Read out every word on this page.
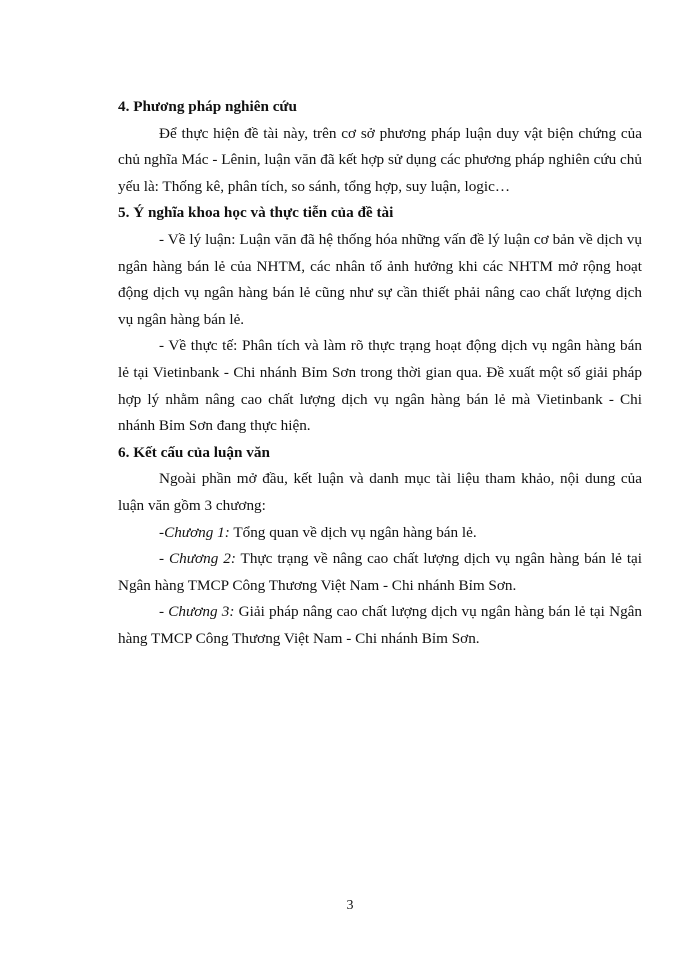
4. Phương pháp nghiên cứu

Để thực hiện đề tài này, trên cơ sở phương pháp luận duy vật biện chứng của chủ nghĩa Mác - Lênin, luận văn đã kết hợp sử dụng các phương pháp nghiên cứu chủ yếu là: Thống kê, phân tích, so sánh, tổng hợp, suy luận, logic…

5. Ý nghĩa khoa học và thực tiễn của đề tài

- Về lý luận: Luận văn đã hệ thống hóa những vấn đề lý luận cơ bản về dịch vụ ngân hàng bán lẻ của NHTM, các nhân tố ảnh hưởng khi các NHTM mở rộng hoạt động dịch vụ ngân hàng bán lẻ cũng như sự cần thiết phải nâng cao chất lượng dịch vụ ngân hàng bán lẻ.

- Về thực tế: Phân tích và làm rõ thực trạng hoạt động dịch vụ ngân hàng bán lẻ tại Vietinbank - Chi nhánh Bỉm Sơn trong thời gian qua. Đề xuất một số giải pháp hợp lý nhằm nâng cao chất lượng dịch vụ ngân hàng bán lẻ mà Vietinbank - Chi nhánh Bỉm Sơn đang thực hiện.

6. Kết cấu của luận văn

Ngoài phần mở đầu, kết luận và danh mục tài liệu tham khảo, nội dung của luận văn gồm 3 chương:

-Chương 1: Tổng quan về dịch vụ ngân hàng bán lẻ.

- Chương 2: Thực trạng về nâng cao chất lượng dịch vụ ngân hàng bán lẻ tại Ngân hàng TMCP Công Thương Việt Nam - Chi nhánh Bỉm Sơn.

- Chương 3: Giải pháp nâng cao chất lượng dịch vụ ngân hàng bán lẻ tại Ngân hàng TMCP Công Thương Việt Nam - Chi nhánh Bỉm Sơn.

3
